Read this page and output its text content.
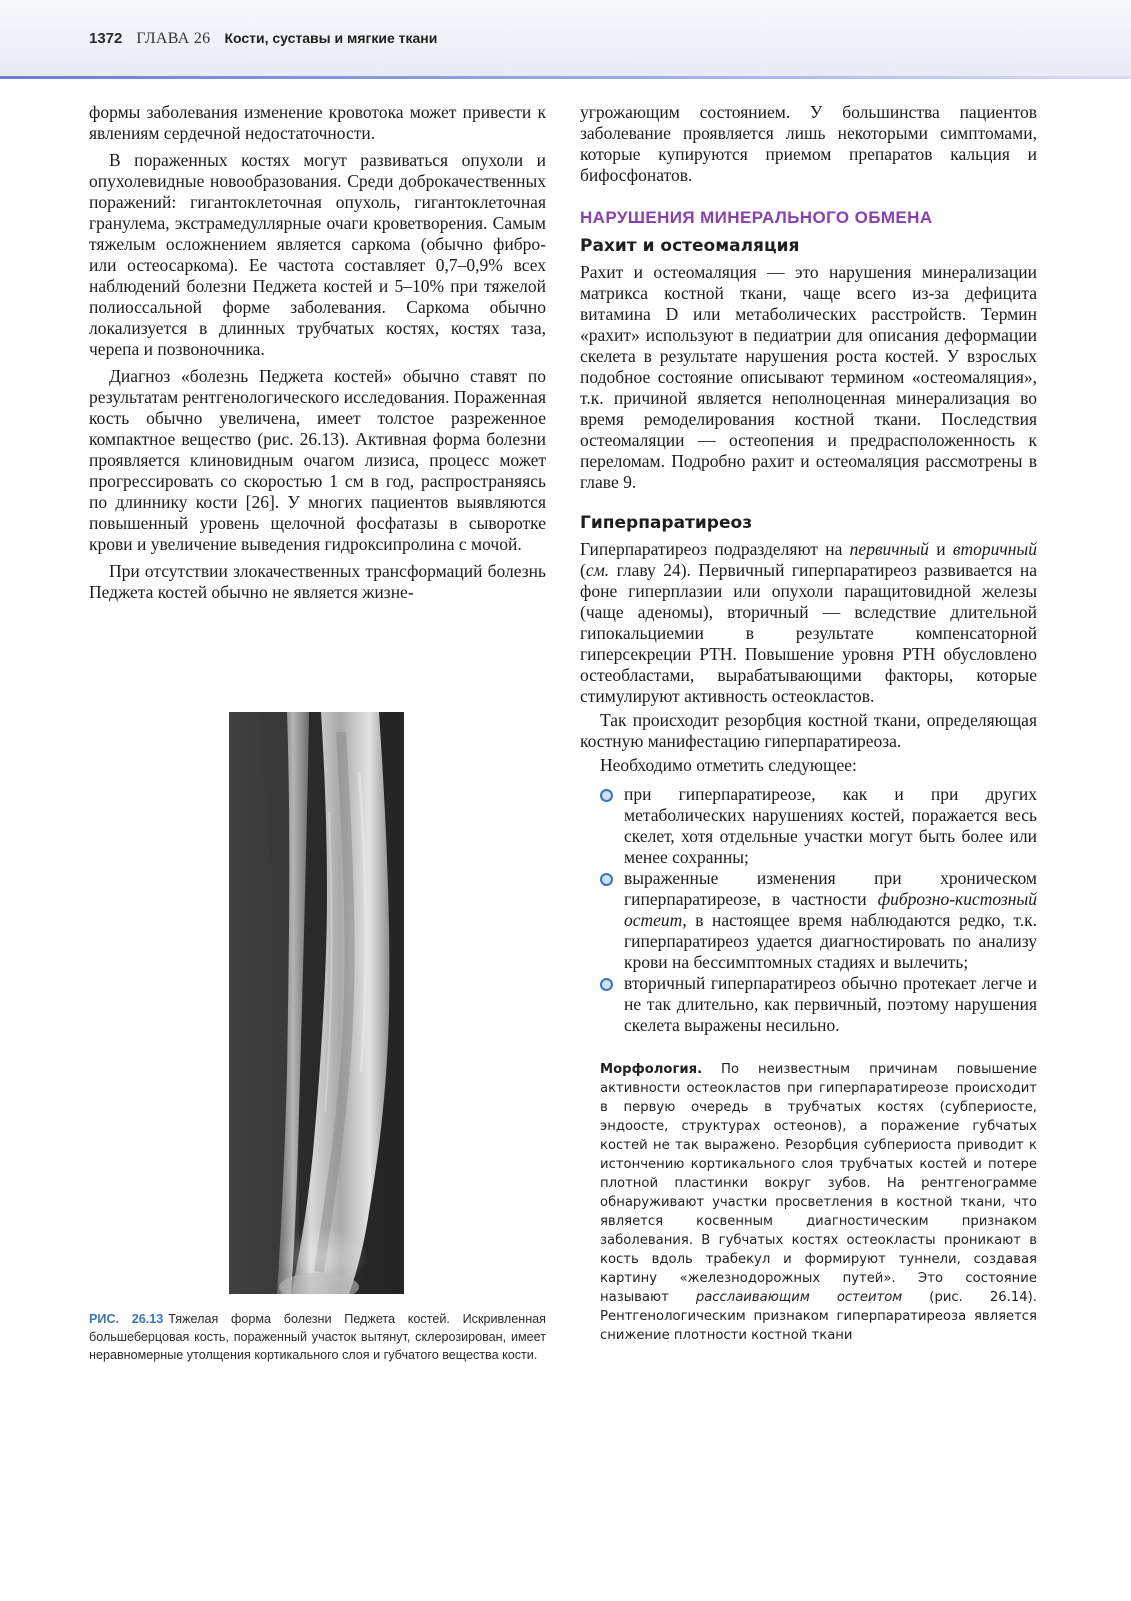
1372 ГЛАВА 26 Кости, суставы и мягкие ткани

формы заболевания изменение кровотока может привести к явлениям сердечной недостаточности.

В пораженных костях могут развиваться опухоли и опухолевидные новообразования. Среди доброкачественных поражений: гигантоклеточная опухоль, гигантоклеточная гранулема, экстрамедуллярные очаги кроветворения. Самым тяжелым осложнением является саркома (обычно фибро- или остеосаркома). Ее частота составляет 0,7–0,9% всех наблюдений болезни Педжета костей и 5–10% при тяжелой полиоссальной форме заболевания. Саркома обычно локализуется в длинных трубчатых костях, костях таза, черепа и позвоночника.

Диагноз «болезнь Педжета костей» обычно ставят по результатам рентгенологического исследования. Пораженная кость обычно увеличена, имеет толстое разреженное компактное вещество (рис. 26.13). Активная форма болезни проявляется клиновидным очагом лизиса, процесс может прогрессировать со скоростью 1 см в год, распространяясь по длиннику кости [26]. У многих пациентов выявляются повышенный уровень щелочной фосфатазы в сыворотке крови и увеличение выведения гидроксипролина с мочой.

При отсутствии злокачественных трансформаций болезнь Педжета костей обычно не является жизне-

РИС. 26.13 Тяжелая форма болезни Педжета костей. Искривленная большеберцовая кость, пораженный участок вытянут, склерозирован, имеет неравномерные утолщения кортикального слоя и губчатого вещества кости.

угрожающим состоянием. У большинства пациентов заболевание проявляется лишь некоторыми симптомами, которые купируются приемом препаратов кальция и бифосфонатов.

НАРУШЕНИЯ МИНЕРАЛЬНОГО ОБМЕНА
Рахит и остеомаляция

Рахит и остеомаляция — это нарушения минерализации матрикса костной ткани, чаще всего из-за дефицита витамина D или метаболических расстройств. Термин «рахит» используют в педиатрии для описания деформации скелета в результате нарушения роста костей. У взрослых подобное состояние описывают термином «остеомаляция», т.к. причиной является неполноценная минерализация во время ремоделирования костной ткани. Последствия остеомаляции — остеопения и предрасположенность к переломам. Подробно рахит и остеомаляция рассмотрены в главе 9.

Гиперпаратиреоз

Гиперпаратиреоз подразделяют на первичный и вторичный (см. главу 24). Первичный гиперпаратиреоз развивается на фоне гиперплазии или опухоли паращитовидной железы (чаще аденомы), вторичный — вследствие длительной гипокальциемии в результате компенсаторной гиперсекреции PTH. Повышение уровня PTH обусловлено остеобластами, вырабатывающими факторы, которые стимулируют активность остеокластов.

Так происходит резорбция костной ткани, определяющая костную манифестацию гиперпаратиреоза.

Необходимо отметить следующее:

при гиперпаратиреозе, как и при других метаболических нарушениях костей, поражается весь скелет, хотя отдельные участки могут быть более или менее сохранны;
выраженные изменения при хроническом гиперпаратиреозе, в частности фиброзно-кистозный остеит, в настоящее время наблюдаются редко, т.к. гиперпаратиреоз удается диагностировать по анализу крови на бессимптомных стадиях и вылечить;
вторичный гиперпаратиреоз обычно протекает легче и не так длительно, как первичный, поэтому нарушения скелета выражены несильно.
Морфология. По неизвестным причинам повышение активности остеокластов при гиперпаратиреозе происходит в первую очередь в трубчатых костях (субпериосте, эндоосте, структурах остеонов), а поражение губчатых костей не так выражено. Резорбция субпериоста приводит к истончению кортикального слоя трубчатых костей и потере плотной пластинки вокруг зубов. На рентгенограмме обнаруживают участки просветления в костной ткани, что является косвенным диагностическим признаком заболевания. В губчатых костях остеокласты проникают в кость вдоль трабекул и формируют туннели, создавая картину «железнодорожных путей». Это состояние называют расслаивающим остеитом (рис. 26.14). Рентгенологическим признаком гиперпаратиреоза является снижение плотности костной ткани
